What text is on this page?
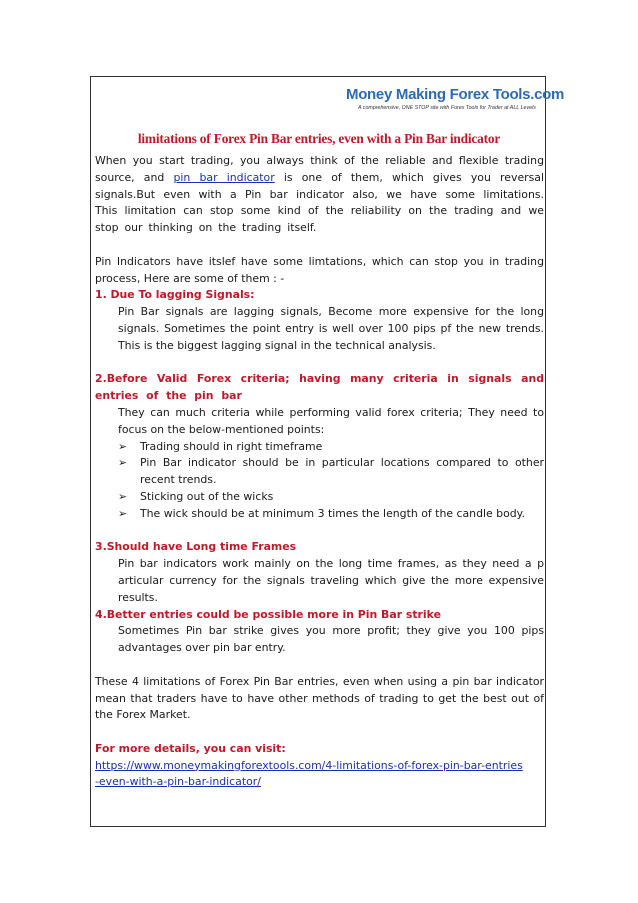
Money Making Forex Tools.com
A comprehensive, ONE STOP site with Forex Tools for Trader at ALL Levels
limitations of Forex Pin Bar entries, even with a Pin Bar indicator

When you start trading, you always think of the reliable and flexible trading source, and pin bar indicator is one of them, which gives you reversal signals.But even with a Pin bar indicator also, we have some limitations. This limitation can stop some kind of the reliability on the trading and we stop our thinking on the trading itself.

Pin Indicators have itslef have some limtations, which can stop you in trading process, Here are some of them : -

1. Due To lagging Signals:

Pin Bar signals are lagging signals, Become more expensive for the long signals. Sometimes the point entry is well over 100 pips pf the new trends. This is the biggest lagging signal in the technical analysis.

2.Before Valid Forex criteria; having many criteria in signals and entries of the pin bar

They can much criteria while performing valid forex criteria; They need to focus on the below-mentioned points:

➢	Trading should in right timeframe
➢	Pin Bar indicator should be in particular locations compared to other recent trends.
➢	Sticking out of the wicks
➢	The wick should be at minimum 3 times the length of the candle body.
3.Should have Long time Frames

Pin bar indicators work mainly on the long time frames, as they need a p articular currency for the signals traveling which give the more expensive results.

4.Better entries could be possible more in Pin Bar strike

Sometimes Pin bar strike gives you more profit; they give you 100 pips advantages over pin bar entry.

These 4 limitations of Forex Pin Bar entries, even when using a pin bar indicator mean that traders have to have other methods of trading to get the best out of the Forex Market.

For more details, you can visit:
https://www.moneymakingforextools.com/4-limitations-of-forex-pin-bar-entries
-even-with-a-pin-bar-indicator/
